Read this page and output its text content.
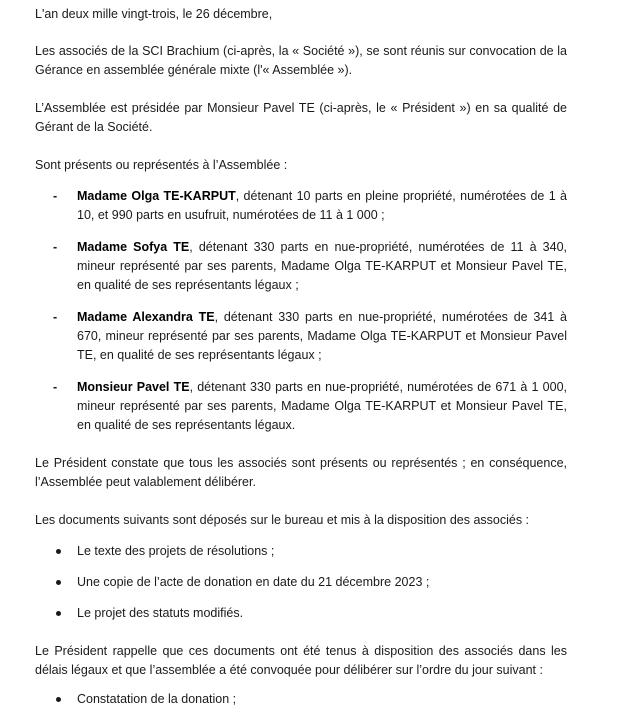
L'an deux mille vingt-trois, le 26 décembre,

Les associés de la SCI Brachium (ci-après, la « Société »), se sont réunis sur convocation de la Gérance en assemblée générale mixte (l'« Assemblée »).

L’Assemblée est présidée par Monsieur Pavel TE (ci-après, le « Président ») en sa qualité de Gérant de la Société.

Sont présents ou représentés à l’Assemblée :

- Madame Olga TE-KARPUT, détenant 10 parts en pleine propriété, numérotées de 1 à 10, et 990 parts en usufruit, numérotées de 11 à 1 000 ;
- Madame Sofya TE, détenant 330 parts en nue-propriété, numérotées de 11 à 340, mineur représenté par ses parents, Madame Olga TE-KARPUT et Monsieur Pavel TE, en qualité de ses représentants légaux ;
- Madame Alexandra TE, détenant 330 parts en nue-propriété, numérotées de 341 à 670, mineur représenté par ses parents, Madame Olga TE-KARPUT et Monsieur Pavel TE, en qualité de ses représentants légaux ;
- Monsieur Pavel TE, détenant 330 parts en nue-propriété, numérotées de 671 à 1 000, mineur représenté par ses parents, Madame Olga TE-KARPUT et Monsieur Pavel TE, en qualité de ses représentants légaux.

Le Président constate que tous les associés sont présents ou représentés ; en conséquence, l’Assemblée peut valablement délibérer.

Les documents suivants sont déposés sur le bureau et mis à la disposition des associés :

Le texte des projets de résolutions ;
Une copie de l’acte de donation en date du 21 décembre 2023 ;
Le projet des statuts modifiés.

Le Président rappelle que ces documents ont été tenus à disposition des associés dans les délais légaux et que l’assemblée a été convoquée pour délibérer sur l’ordre du jour suivant :

Constatation de la donation ;
